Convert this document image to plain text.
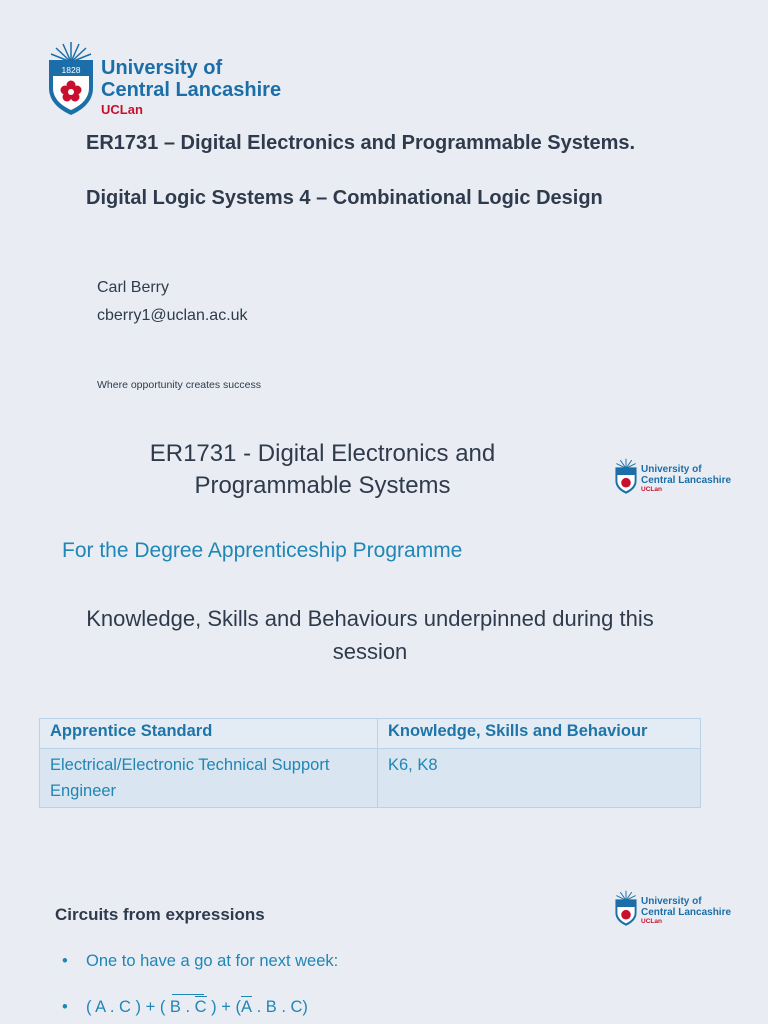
1828 University of
Central Lancashire
UCLan
ER1731 – Digital Electronics and Programmable Systems.
Digital Logic Systems 4 – Combinational Logic Design
Carl Berry
cberry1@uclan.ac.uk
Where opportunity creates success
ER1731 - Digital Electronics and
Programmable Systems
University of
Central Lancashire
UCLan
For the Degree Apprenticeship Programme
Knowledge, Skills and Behaviours underpinned during this
session
Apprentice Standard	Knowledge, Skills and Behaviour

Electrical/Electronic Technical Support
Engineer	K6, K8
Circuits from expressions
University of
Central Lancashire
UCLan
• One to have a go at for next week:
• ( A . C ) + ( B . C ) + (A . B . C)
